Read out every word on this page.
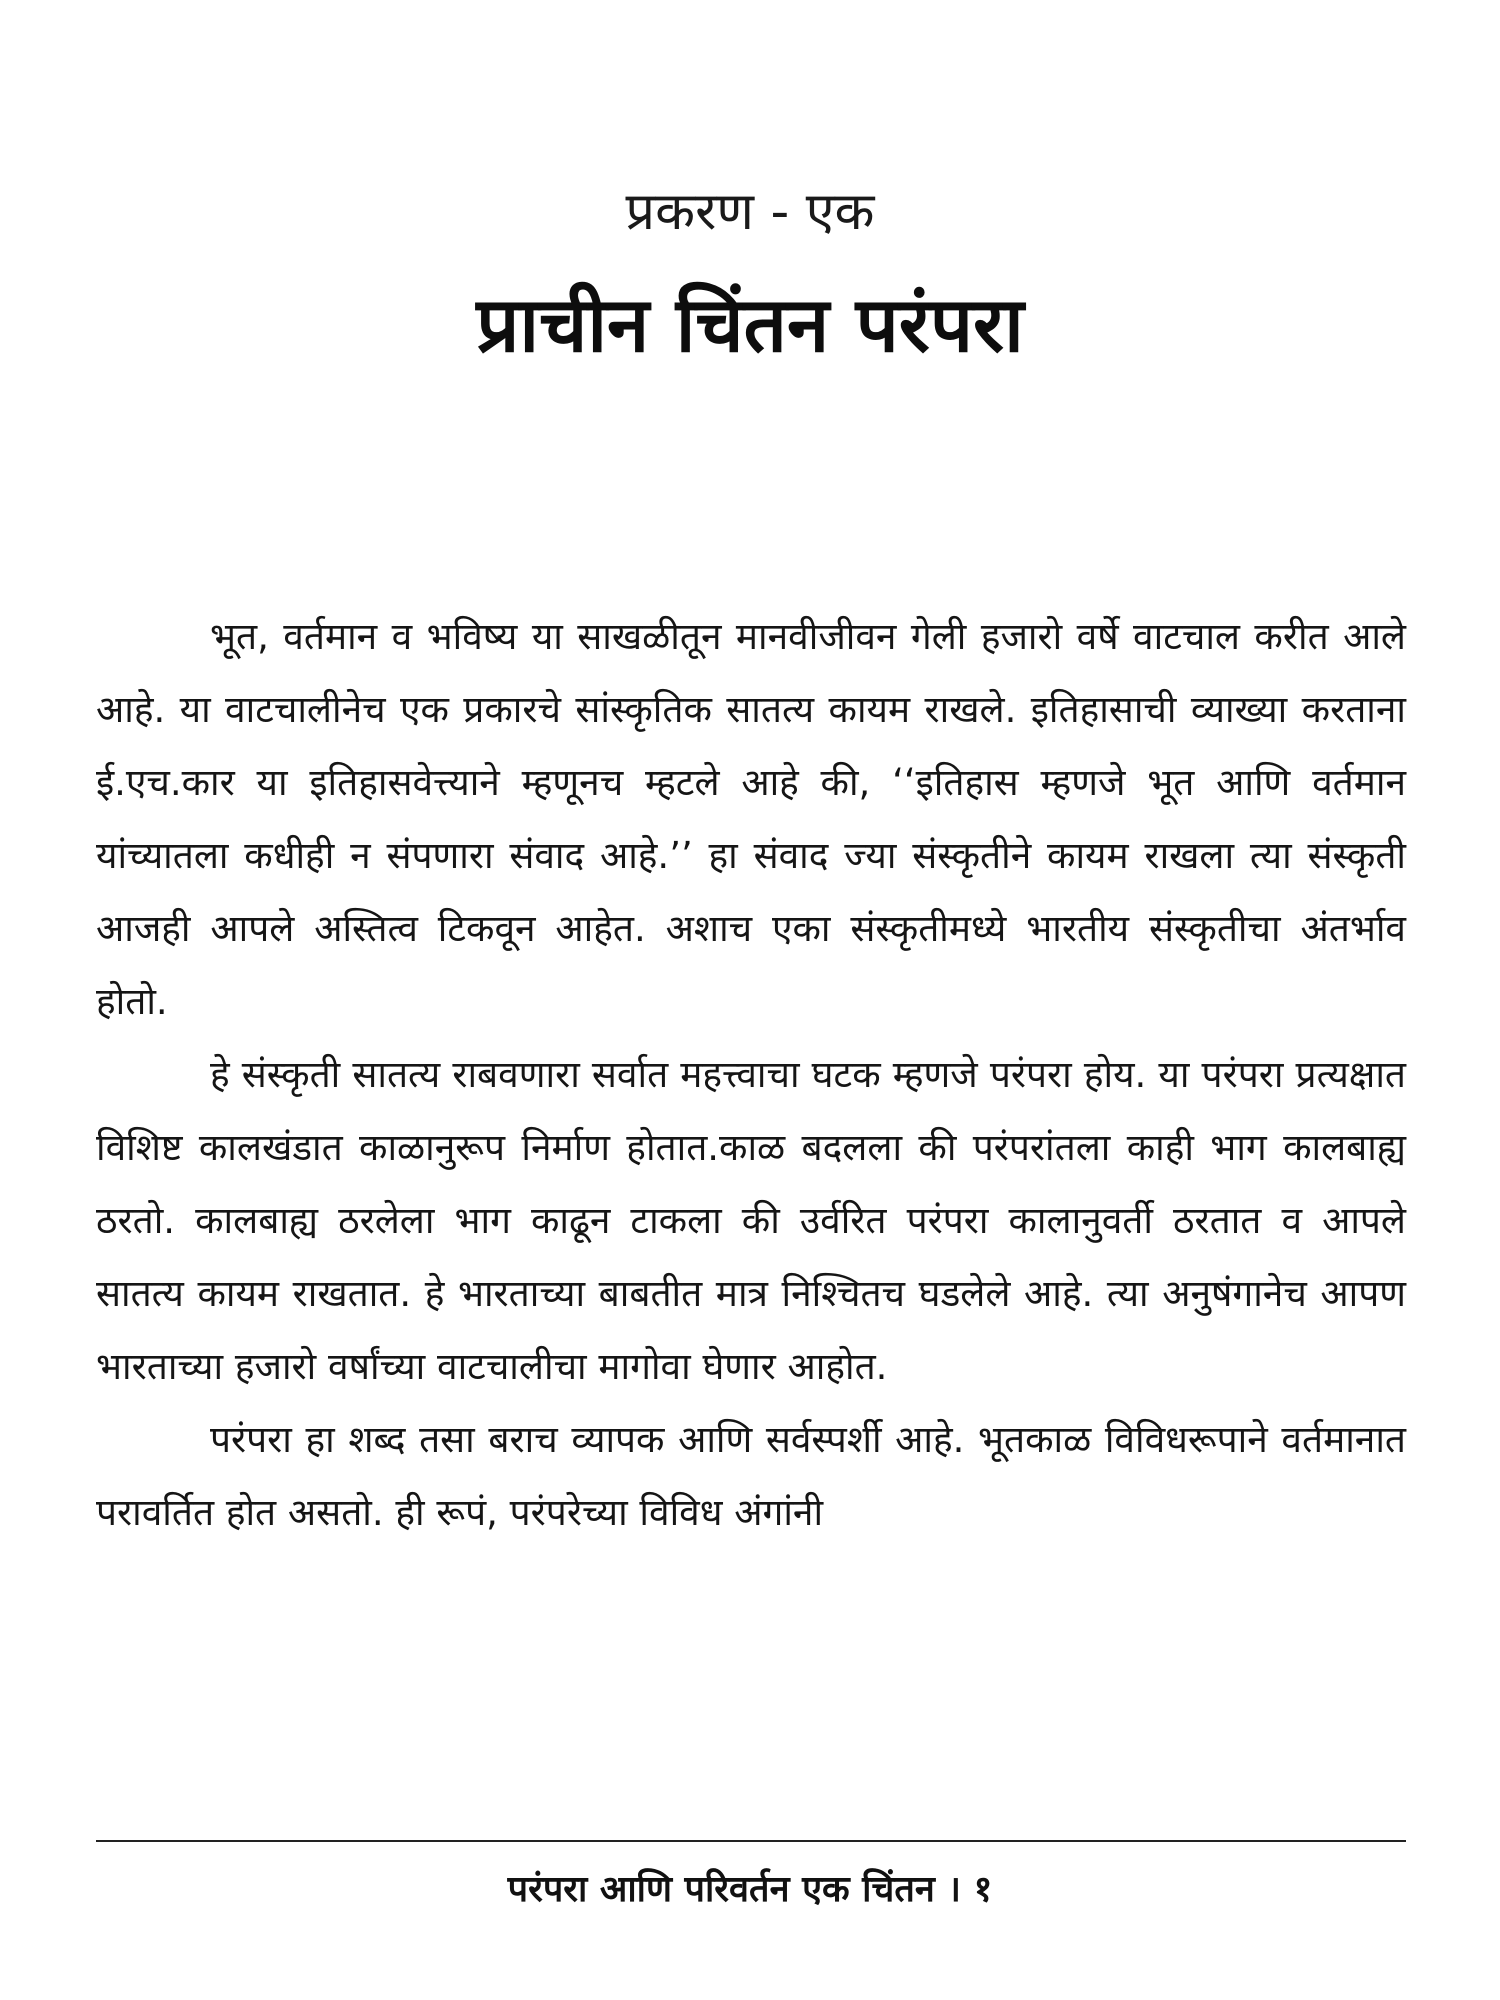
प्रकरण - एक
प्राचीन चिंतन परंपरा

भूत, वर्तमान व भविष्य या साखळीतून मानवीजीवन गेली हजारो वर्षे वाटचाल करीत आले आहे. या वाटचालीनेच एक प्रकारचे सांस्कृतिक सातत्य कायम राखले. इतिहासाची व्याख्या करताना ई.एच.कार या इतिहासवेत्त्याने म्हणूनच म्हटले आहे की, ‘‘इतिहास म्हणजे भूत आणि वर्तमान यांच्यातला कधीही न संपणारा संवाद आहे.’’ हा संवाद ज्या संस्कृतीने कायम राखला त्या संस्कृती आजही आपले अस्तित्व टिकवून आहेत. अशाच एका संस्कृतीमध्ये भारतीय संस्कृतीचा अंतर्भाव होतो.

हे संस्कृती सातत्य राबवणारा सर्वात महत्त्वाचा घटक म्हणजे परंपरा होय. या परंपरा प्रत्यक्षात विशिष्ट कालखंडात काळानुरूप निर्माण होतात.काळ बदलला की परंपरांतला काही भाग कालबाह्य ठरतो. कालबाह्य ठरलेला भाग काढून टाकला की उर्वरित परंपरा कालानुवर्ती ठरतात व आपले सातत्य कायम राखतात. हे भारताच्या बाबतीत मात्र निश्चितच घडलेले आहे. त्या अनुषंगानेच आपण भारताच्या हजारो वर्षांच्या वाटचालीचा मागोवा घेणार आहोत.

परंपरा हा शब्द तसा बराच व्यापक आणि सर्वस्पर्शी आहे. भूतकाळ विविधरूपाने वर्तमानात परावर्तित होत असतो. ही रूपं, परंपरेच्या विविध अंगांनी

परंपरा आणि परिवर्तन एक चिंतन । १
